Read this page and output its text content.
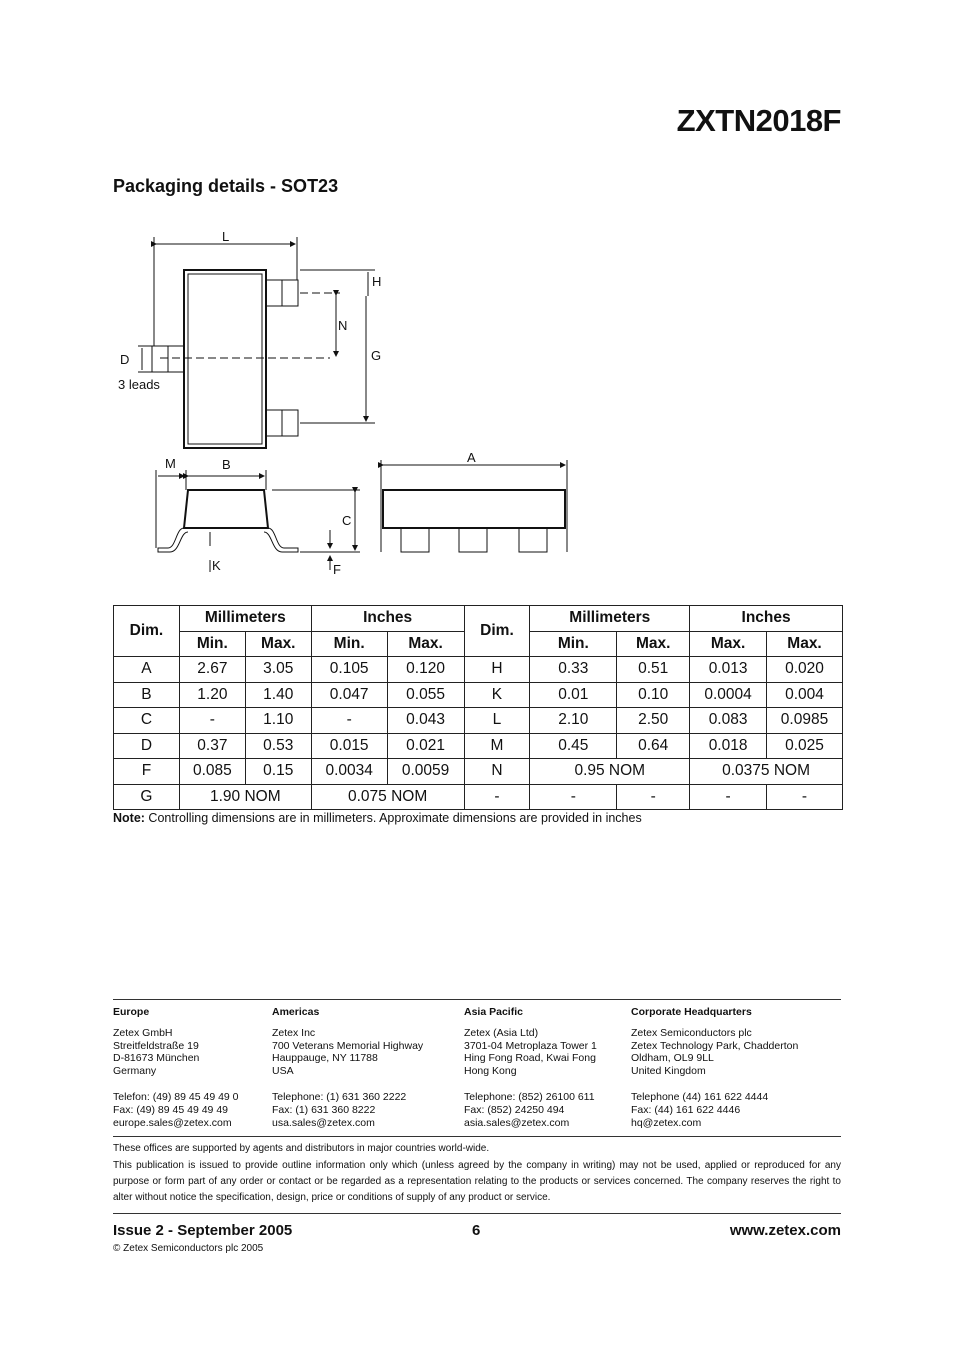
ZXTN2018F
Packaging details - SOT23
L
H
N
G
D
3 leads
M	B	A
C
K	F
Dim.	Millimeters		Inches		Dim.	Millimeters		Inches	
	Min.	Max.	Min.	Max.		Min.	Max.	Max.	Max.
A	2.67	3.05	0.105	0.120	H	0.33	0.51	0.013	0.020
B	1.20	1.40	0.047	0.055	K	0.01	0.10	0.0004	0.004
C	-	1.10	-	0.043	L	2.10	2.50	0.083	0.0985
D	0.37	0.53	0.015	0.021	M	0.45	0.64	0.018	0.025
F	0.085	0.15	0.0034	0.0059	N	0.95 NOM		0.0375 NOM	
G	1.90 NOM		0.075 NOM		-	-	-	-	-
Note: Controlling dimensions are in millimeters. Approximate dimensions are provided in inches
Europe
Zetex GmbH
Streitfeldstraße 19
D-81673 München
Germany
Telefon: (49) 89 45 49 49 0
Fax: (49) 89 45 49 49 49
europe.sales@zetex.com
Americas
Zetex Inc
700 Veterans Memorial Highway
Hauppauge, NY 11788
USA
Telephone: (1) 631 360 2222
Fax: (1) 631 360 8222
usa.sales@zetex.com
Asia Pacific
Zetex (Asia Ltd)
3701-04 Metroplaza Tower 1
Hing Fong Road, Kwai Fong
Hong Kong
Telephone: (852) 26100 611
Fax: (852) 24250 494
asia.sales@zetex.com
Corporate Headquarters
Zetex Semiconductors plc
Zetex Technology Park, Chadderton
Oldham, OL9 9LL
United Kingdom
Telephone (44) 161 622 4444
Fax: (44) 161 622 4446
hq@zetex.com
These offices are supported by agents and distributors in major countries world-wide.
This publication is issued to provide outline information only which (unless agreed by the company in writing) may not be used, applied or reproduced for any purpose or form part of any order or contact or be regarded as a representation relating to the products or services concerned. The company reserves the right to alter without notice the specification, design, price or conditions of supply of any product or service.
Issue 2 - September 2005	6	www.zetex.com
© Zetex Semiconductors plc 2005
